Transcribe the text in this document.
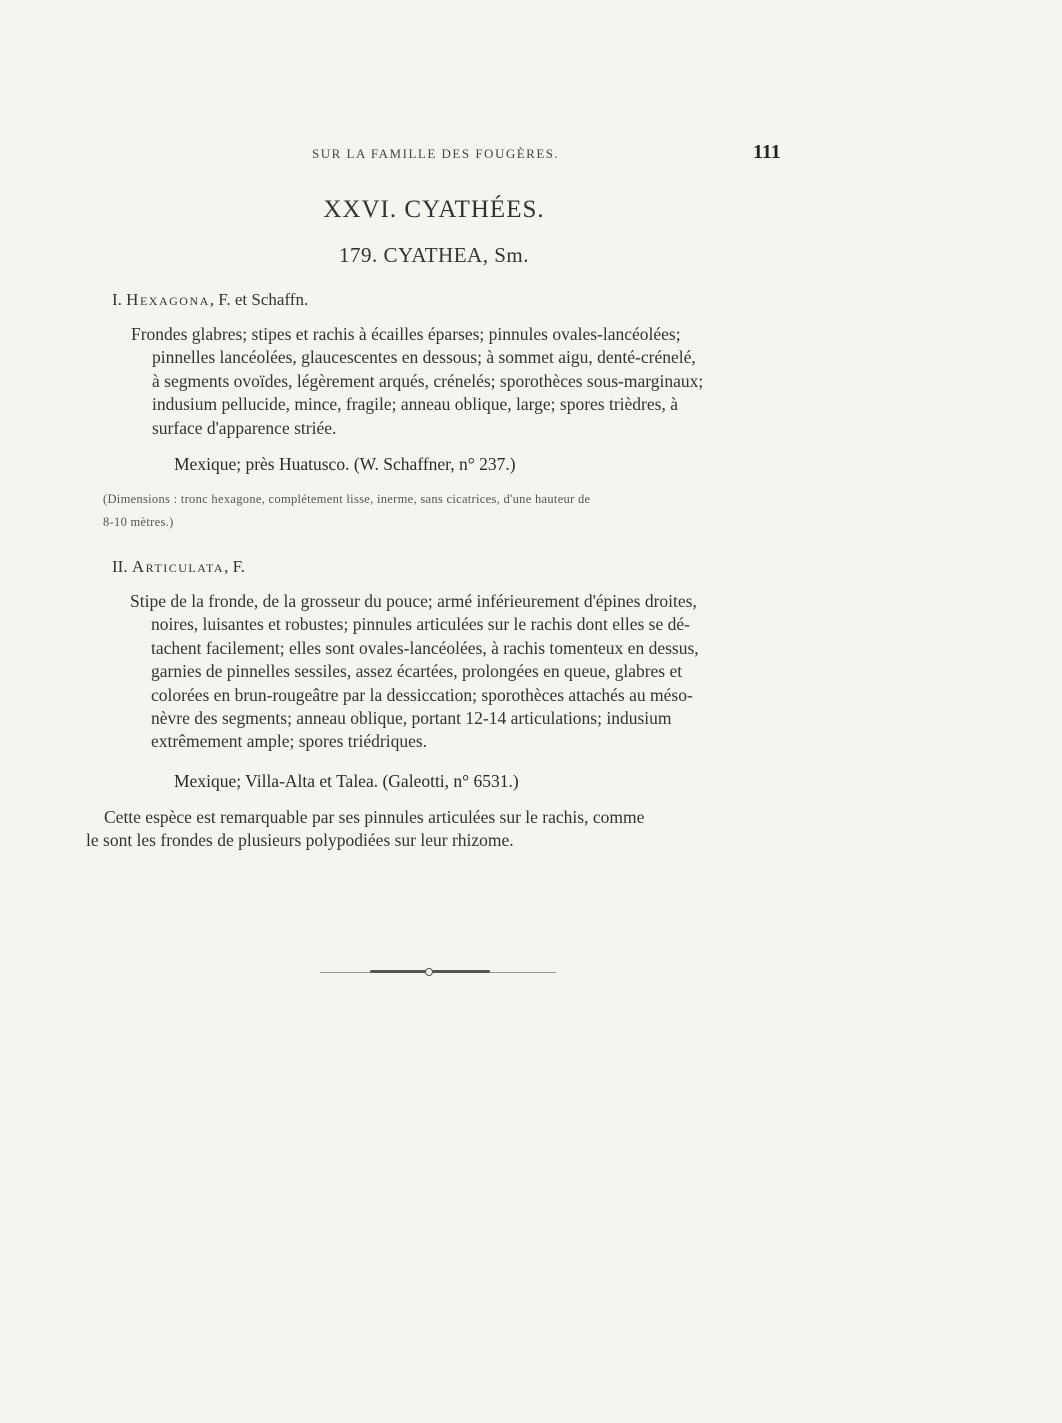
SUR LA FAMILLE DES FOUGÈRES.	111
XXVI. CYATHÉES.
179. CYATHEA, Sm.
I. Hexagona, F. et Schaffn.
Frondes glabres; stipes et rachis à écailles éparses; pinnules ovales-lancéolées;
pinnelles lancéolées, glaucescentes en dessous; à sommet aigu, denté-crénelé,
à segments ovoïdes, légèrement arqués, crénelés; sporothèces sous-marginaux;
indusium pellucide, mince, fragile; anneau oblique, large; spores trièdres, à
surface d'apparence striée.
Mexique; près Huatusco. (W. Schaffner, n° 237.)
(Dimensions : tronc hexagone, complétement lisse, inerme, sans cicatrices, d'une hauteur de
8-10 mètres.)
II. Articulata, F.
Stipe de la fronde, de la grosseur du pouce; armé inférieurement d'épines droites,
noires, luisantes et robustes; pinnules articulées sur le rachis dont elles se dé-
tachent facilement; elles sont ovales-lancéolées, à rachis tomenteux en dessus,
garnies de pinnelles sessiles, assez écartées, prolongées en queue, glabres et
colorées en brun-rougeâtre par la dessiccation; sporothèces attachés au méso-
nèvre des segments; anneau oblique, portant 12-14 articulations; indusium
extrêmement ample; spores triédriques.
Mexique; Villa-Alta et Talea. (Galeotti, n° 6531.)
Cette espèce est remarquable par ses pinnules articulées sur le rachis, comme
le sont les frondes de plusieurs polypodiées sur leur rhizome.
